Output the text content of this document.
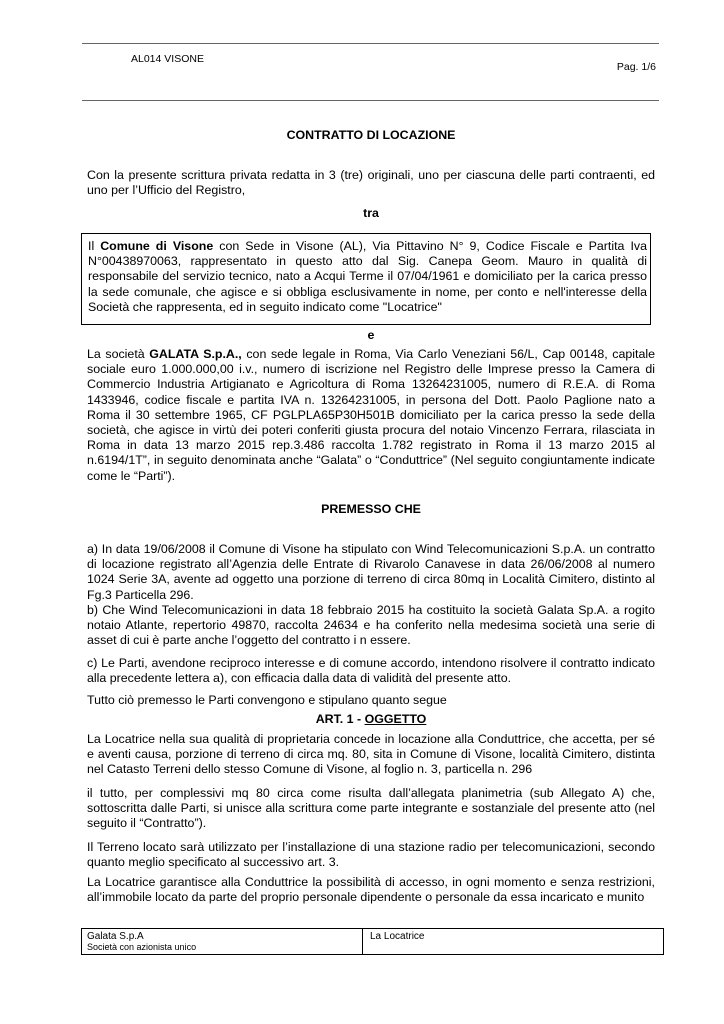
AL014 VISONE
Pag. 1/6
CONTRATTO DI LOCAZIONE

Con la presente scrittura privata redatta in 3 (tre) originali, uno per ciascuna delle parti contraenti, ed uno per l’Ufficio del Registro,

tra
Il Comune di Visone con Sede in Visone (AL), Via Pittavino N° 9, Codice Fiscale e Partita Iva N°00438970063, rappresentato in questo atto dal Sig. Canepa Geom. Mauro in qualità di responsabile del servizio tecnico, nato a Acqui Terme il 07/04/1961 e domiciliato per la carica presso la sede comunale, che agisce e si obbliga esclusivamente in nome, per conto e nell'interesse della Società che rappresenta, ed in seguito indicato come "Locatrice"
e

La società GALATA S.p.A., con sede legale in Roma, Via Carlo Veneziani 56/L, Cap 00148, capitale sociale euro 1.000.000,00 i.v., numero di iscrizione nel Registro delle Imprese presso la Camera di Commercio Industria Artigianato e Agricoltura di Roma 13264231005, numero di R.E.A. di Roma 1433946, codice fiscale e partita IVA n. 13264231005, in persona del Dott. Paolo Paglione nato a Roma il 30 settembre 1965, CF PGLPLA65P30H501B domiciliato per la carica presso la sede della società, che agisce in virtù dei poteri conferiti giusta procura del notaio Vincenzo Ferrara, rilasciata in Roma in data 13 marzo 2015 rep.3.486 raccolta 1.782 registrato in Roma il 13 marzo 2015 al n.6194/1T”, in seguito denominata anche “Galata” o “Conduttrice” (Nel seguito congiuntamente indicate come le “Parti”).

PREMESSO CHE

a) In data 19/06/2008 il Comune di Visone ha stipulato con Wind Telecomunicazioni S.p.A. un contratto di locazione registrato all’Agenzia delle Entrate di Rivarolo Canavese in data 26/06/2008 al numero 1024 Serie 3A, avente ad oggetto una porzione di terreno di circa 80mq in Località Cimitero, distinto al Fg.3 Particella 296.

b) Che Wind Telecomunicazioni in data 18 febbraio 2015 ha costituito la società Galata Sp.A. a rogito notaio Atlante, repertorio 49870, raccolta 24634 e ha conferito nella medesima società una serie di asset di cui è parte anche l’oggetto del contratto i n essere.

c) Le Parti, avendone reciproco interesse e di comune accordo, intendono risolvere il contratto indicato alla precedente lettera a), con efficacia dalla data di validità del presente atto.

Tutto ciò premesso le Parti convengono e stipulano quanto segue

ART. 1 - OGGETTO

La Locatrice nella sua qualità di proprietaria concede in locazione alla Conduttrice, che accetta, per sé e aventi causa, porzione di terreno di circa mq. 80, sita in Comune di Visone, località Cimitero, distinta nel Catasto Terreni dello stesso Comune di Visone, al foglio n. 3, particella n. 296

il tutto, per complessivi mq 80 circa come risulta dall’allegata planimetria (sub Allegato A) che, sottoscritta dalle Parti, si unisce alla scrittura come parte integrante e sostanziale del presente atto (nel seguito il “Contratto”).

Il Terreno locato sarà utilizzato per l’installazione di una stazione radio per telecomunicazioni, secondo quanto meglio specificato al successivo art. 3.

La Locatrice garantisce alla Conduttrice la possibilità di accesso, in ogni momento e senza restrizioni, all’immobile locato da parte del proprio personale dipendente o personale da essa incaricato e munito

Galata S.p.A
Società con azionista unico
La Locatrice
